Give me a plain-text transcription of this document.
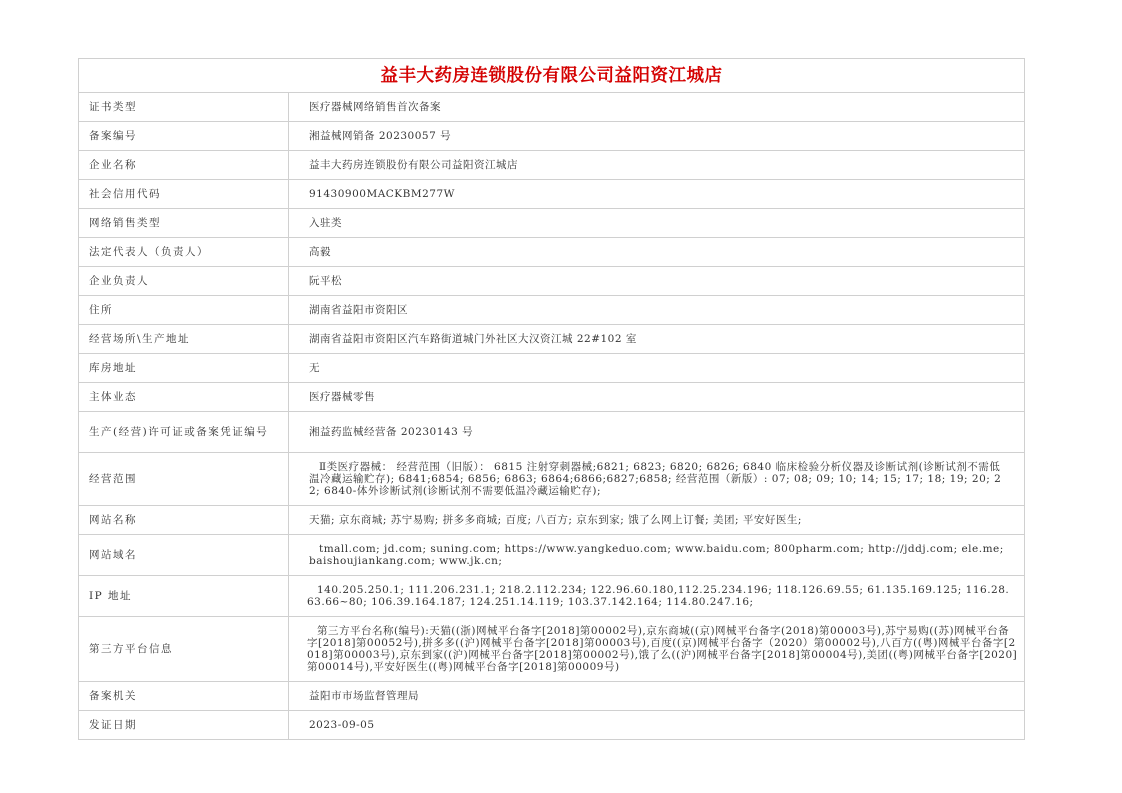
益丰大药房连锁股份有限公司益阳资江城店	
证书类型	医疗器械网络销售首次备案
备案编号	湘益械网销备 20230057 号
企业名称	益丰大药房连锁股份有限公司益阳资江城店
社会信用代码	91430900MACKBM277W
网络销售类型	入驻类
法定代表人（负责人）	高毅
企业负责人	阮平松
住所	湖南省益阳市资阳区
经营场所\生产地址	湖南省益阳市资阳区汽车路街道城门外社区大汉资江城 22#102 室
库房地址	无
主体业态	医疗器械零售
生产(经营)许可证或备案凭证编号	湘益药监械经营备 20230143 号
经营范围	Ⅱ类医疗器械： 经营范围（旧版）： 6815 注射穿刺器械;6821; 6823; 6820; 6826; 6840 临床检验分析仪器及诊断试剂(诊断试剂不需低温冷藏运输贮存); 6841;6854; 6856; 6863; 6864;6866;6827;6858; 经营范围（新版）: 07; 08; 09; 10; 14; 15; 17; 18; 19; 20; 22; 6840-体外诊断试剂(诊断试剂不需要低温冷藏运输贮存);
网站名称	天猫; 京东商城; 苏宁易购; 拼多多商城; 百度; 八百方; 京东到家; 饿了么网上订餐; 美团; 平安好医生;
网站域名	tmall.com; jd.com; suning.com; https://www.yangkeduo.com; www.baidu.com; 800pharm.com; http://jddj.com; ele.me; baishoujiankang.com; www.jk.cn;
IP 地址	140.205.250.1; 111.206.231.1; 218.2.112.234; 122.96.60.180,112.25.234.196; 118.126.69.55; 61.135.169.125; 116.28.63.66~80; 106.39.164.187; 124.251.14.119; 103.37.142.164; 114.80.247.16;
第三方平台信息	第三方平台名称(编号):天猫((浙)网械平台备字[2018]第00002号),京东商城((京)网械平台备字(2018)第00003号),苏宁易购((苏)网械平台备字[2018]第00052号),拼多多((沪)网械平台备字[2018]第00003号),百度((京)网械平台备字（2020）第00002号),八百方((粤)网械平台备字[2018]第00003号),京东到家((沪)网械平台备字[2018]第00002号),饿了么((沪)网械平台备字[2018]第00004号),美团((粤)网械平台备字[2020]第00014号),平安好医生((粤)网械平台备字[2018]第00009号)
备案机关	益阳市市场监督管理局
发证日期	2023-09-05
